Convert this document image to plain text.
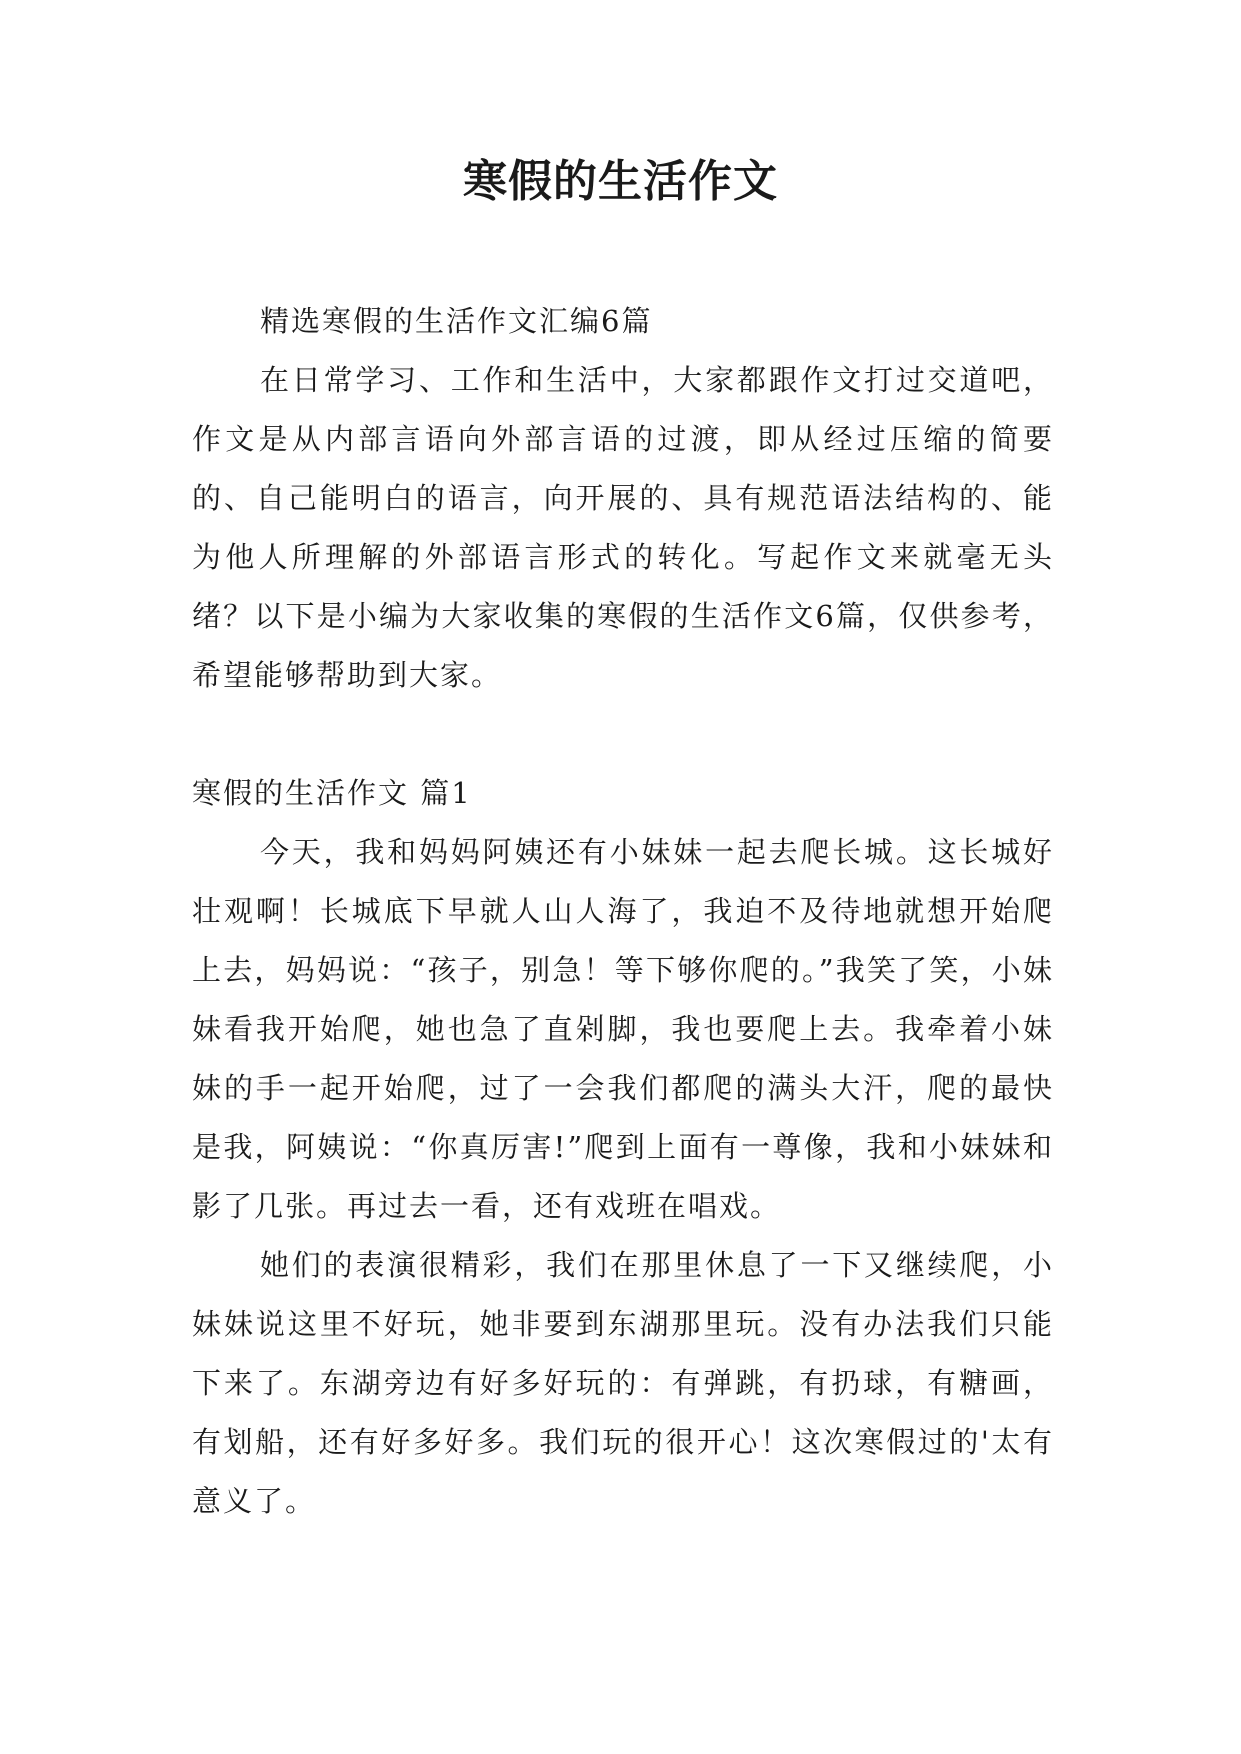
寒假的生活作文

精选寒假的生活作文汇编6篇

在日常学习、工作和生活中，大家都跟作文打过交道吧，作文是从内部言语向外部言语的过渡，即从经过压缩的简要的、自己能明白的语言，向开展的、具有规范语法结构的、能为他人所理解的外部语言形式的转化。写起作文来就毫无头绪？以下是小编为大家收集的寒假的生活作文6篇，仅供参考，希望能够帮助到大家。

寒假的生活作文 篇1

今天，我和妈妈阿姨还有小妹妹一起去爬长城。这长城好壮观啊！长城底下早就人山人海了，我迫不及待地就想开始爬上去，妈妈说：“孩子，别急！等下够你爬的。”我笑了笑，小妹妹看我开始爬，她也急了直剁脚，我也要爬上去。我牵着小妹妹的手一起开始爬，过了一会我们都爬的满头大汗，爬的最快是我，阿姨说：“你真厉害!”爬到上面有一尊像，我和小妹妹和影了几张。再过去一看，还有戏班在唱戏。

她们的表演很精彩，我们在那里休息了一下又继续爬，小妹妹说这里不好玩，她非要到东湖那里玩。没有办法我们只能下来了。东湖旁边有好多好玩的：有弹跳，有扔球，有糖画，有划船，还有好多好多。我们玩的很开心！这次寒假过的'太有意义了。
